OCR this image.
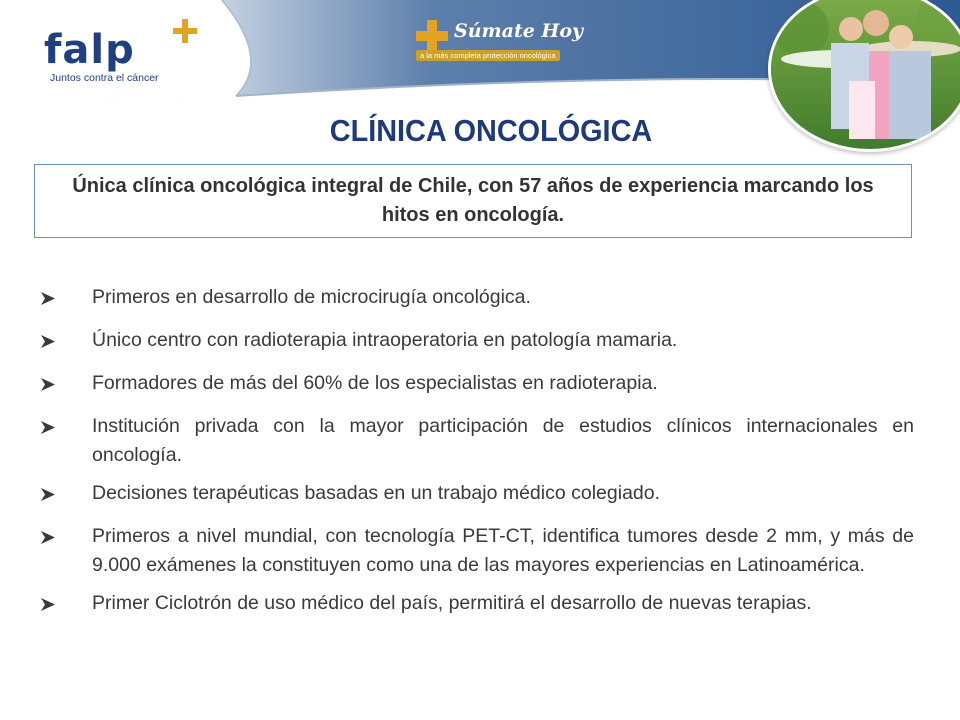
falp
Juntos contra el cáncer
Súmate Hoy
a la más completa protección oncológica
CLÍNICA ONCOLÓGICA

Única clínica oncológica integral de Chile, con 57 años de experiencia marcando los hitos en oncología.

Primeros en desarrollo de microcirugía oncológica.
Único centro con radioterapia intraoperatoria en patología mamaria.
Formadores de más del 60% de los especialistas en radioterapia.
Institución privada con la mayor participación de estudios clínicos internacionales en oncología.
Decisiones terapéuticas basadas en un trabajo médico colegiado.
Primeros a nivel mundial, con tecnología PET-CT, identifica tumores desde 2 mm, y más de 9.000 exámenes la constituyen como una de las mayores experiencias en Latinoamérica.
Primer Ciclotrón de uso médico del país, permitirá el desarrollo de nuevas terapias.
